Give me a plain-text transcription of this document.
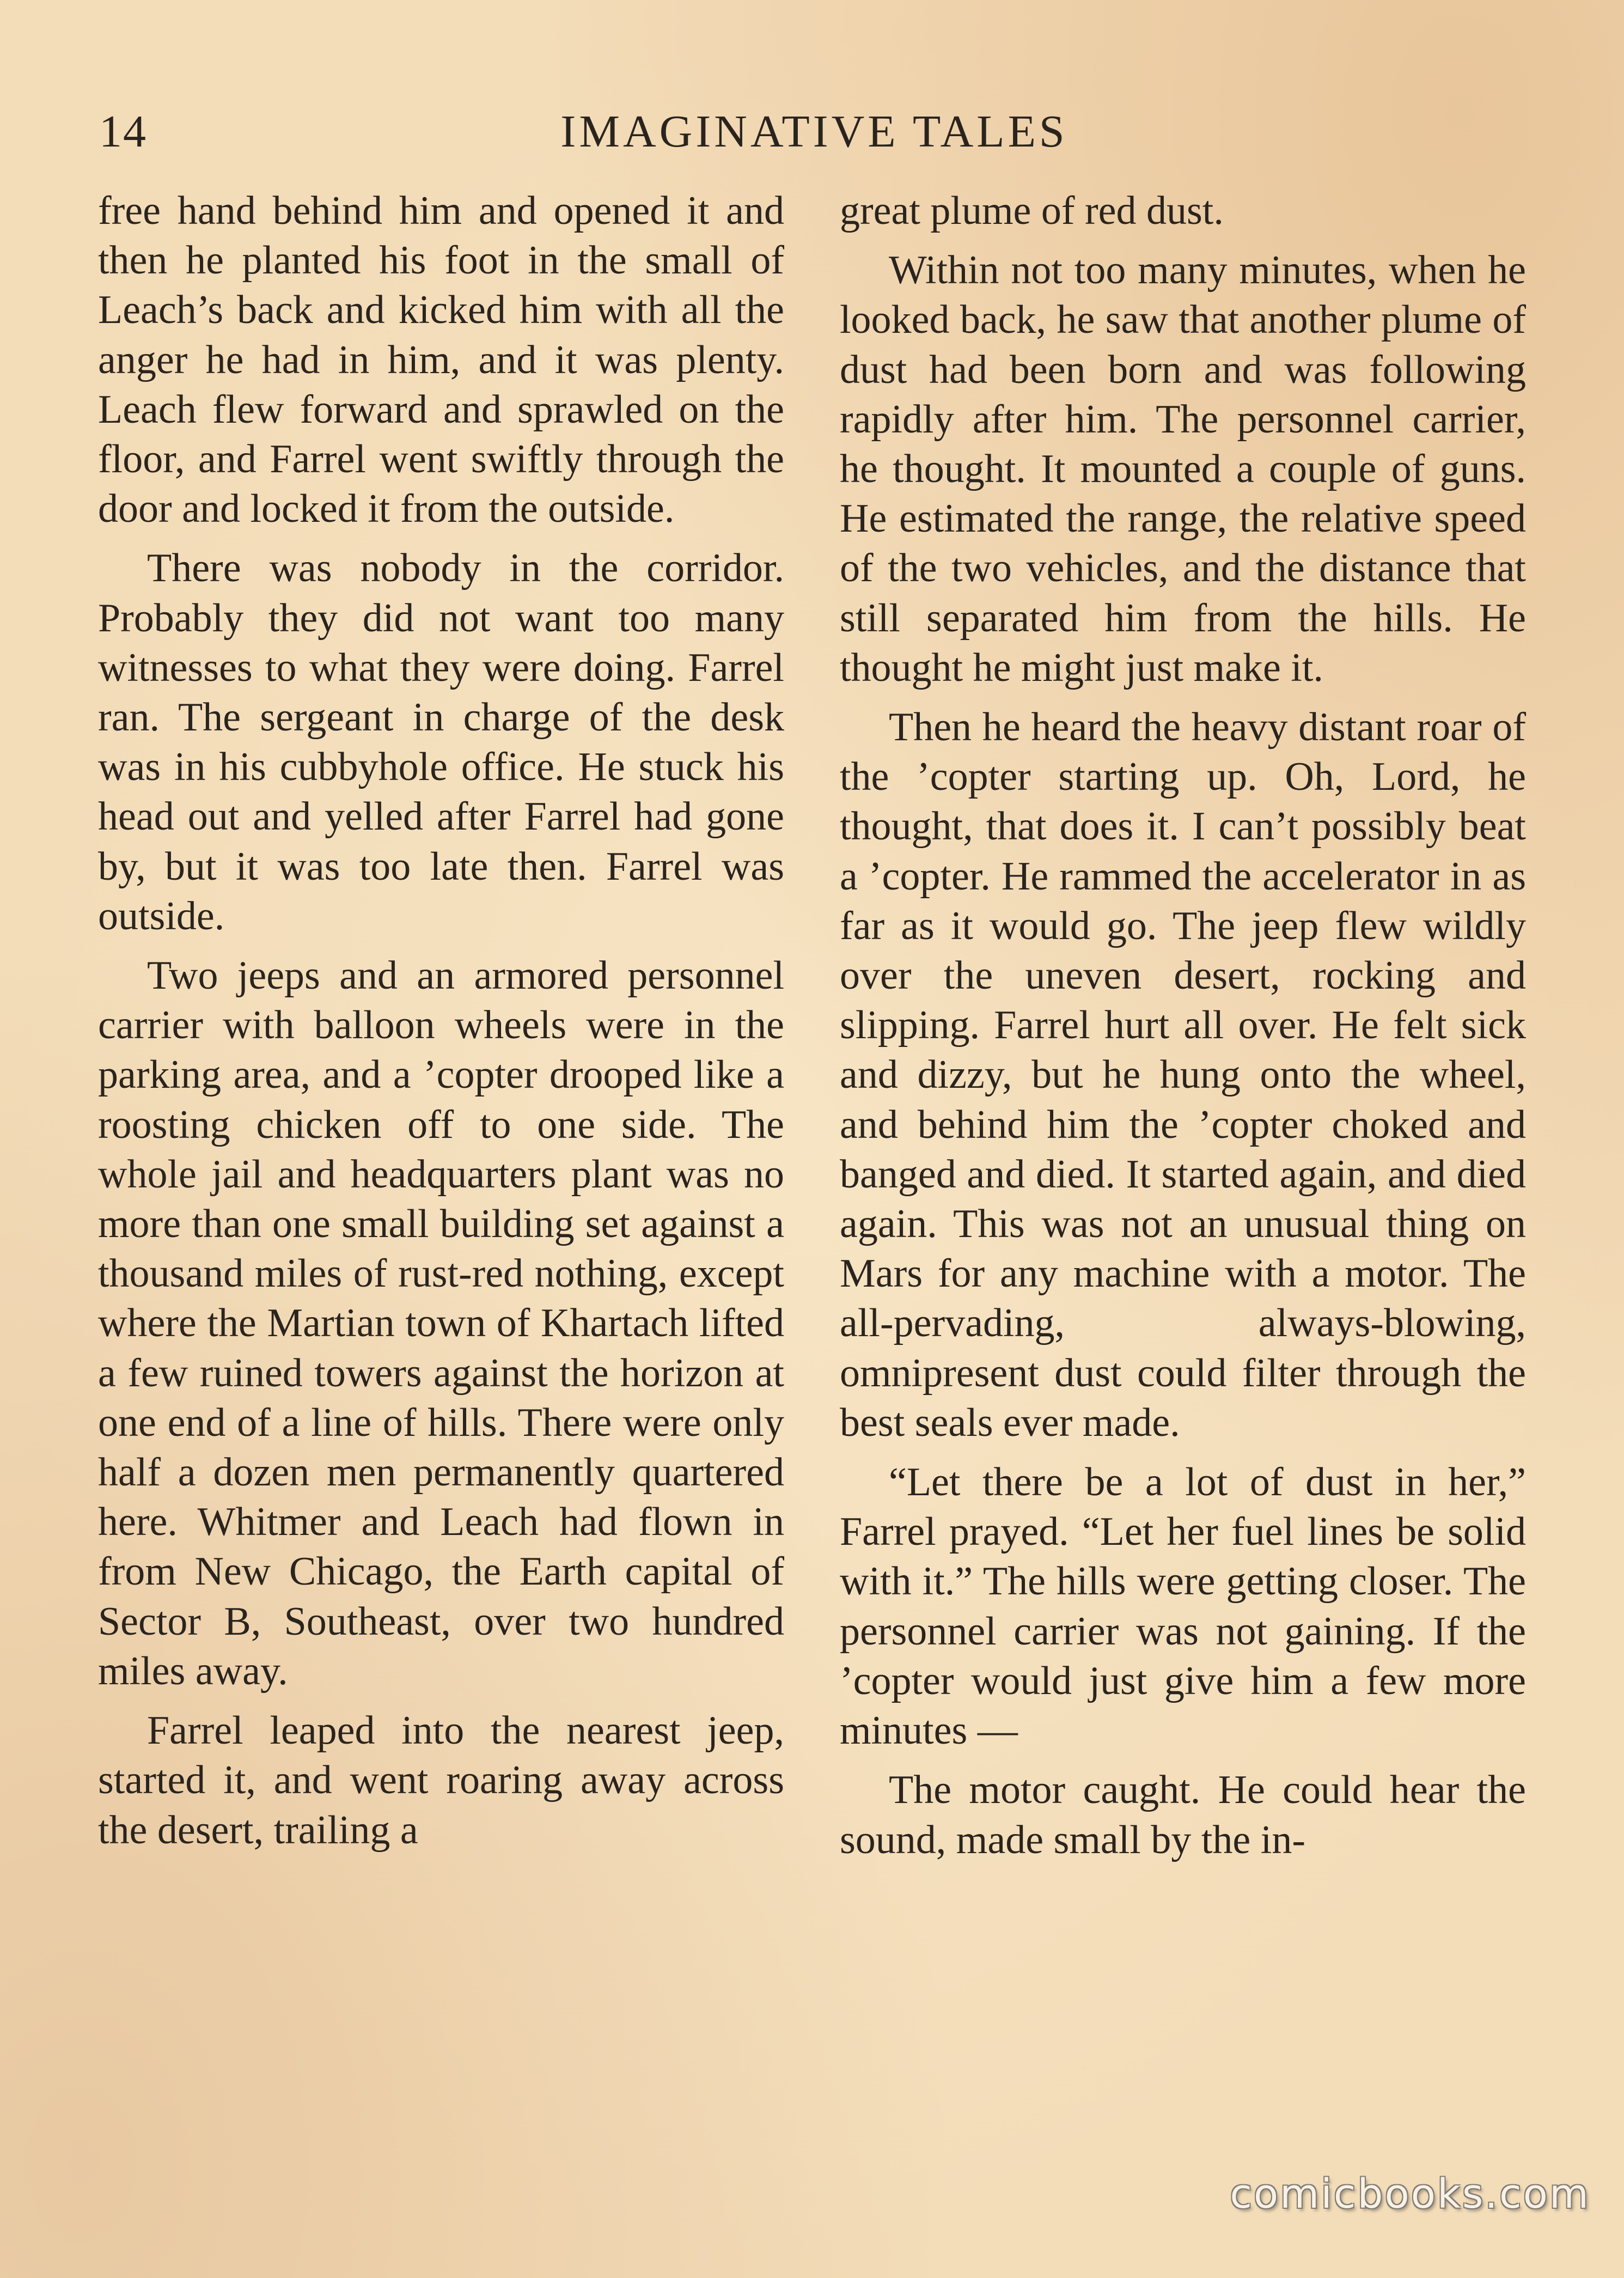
14	IMAGINATIVE TALES

free hand behind him and opened it and then he planted his foot in the small of Leach’s back and kicked him with all the anger he had in him, and it was plenty. Leach flew forward and sprawled on the floor, and Farrel went swiftly through the door and locked it from the outside.

There was nobody in the corridor. Probably they did not want too many witnesses to what they were doing. Farrel ran. The sergeant in charge of the desk was in his cubbyhole office. He stuck his head out and yelled after Farrel had gone by, but it was too late then. Farrel was outside.

Two jeeps and an armored personnel carrier with balloon wheels were in the parking area, and a ’copter drooped like a roosting chicken off to one side. The whole jail and headquarters plant was no more than one small building set against a thousand miles of rust-red nothing, except where the Martian town of Khartach lifted a few ruined towers against the horizon at one end of a line of hills. There were only half a dozen men permanently quartered here. Whitmer and Leach had flown in from New Chicago, the Earth capital of Sector B, Southeast, over two hundred miles away.

Farrel leaped into the nearest jeep, started it, and went roaring away across the desert, trailing a

great plume of red dust.

Within not too many minutes, when he looked back, he saw that another plume of dust had been born and was following rapidly after him. The personnel carrier, he thought. It mounted a couple of guns. He estimated the range, the relative speed of the two vehicles, and the distance that still separated him from the hills. He thought he might just make it.

Then he heard the heavy distant roar of the ’copter starting up. Oh, Lord, he thought, that does it. I can’t possibly beat a ’copter. He rammed the accelerator in as far as it would go. The jeep flew wildly over the uneven desert, rocking and slipping. Farrel hurt all over. He felt sick and dizzy, but he hung onto the wheel, and behind him the ’copter choked and banged and died. It started again, and died again. This was not an unusual thing on Mars for any machine with a motor. The all-pervading, always-blowing, omnipresent dust could filter through the best seals ever made.

“Let there be a lot of dust in her,” Farrel prayed. “Let her fuel lines be solid with it.” The hills were getting closer. The personnel carrier was not gaining. If the ’copter would just give him a few more minutes —

The motor caught. He could hear the sound, made small by the in-

comicbooks.com
